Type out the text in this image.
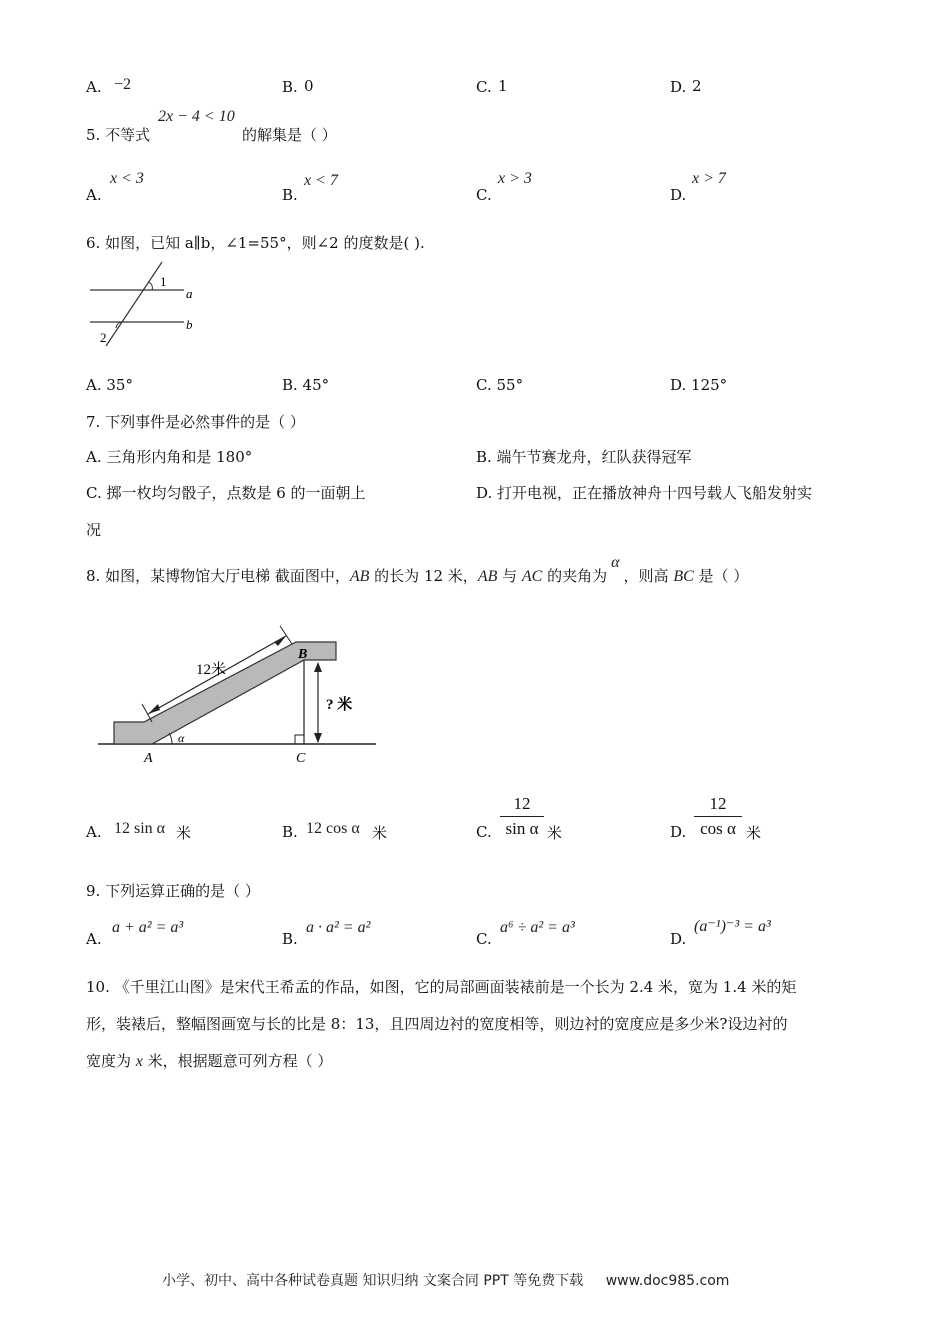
A. −2	B. 0	C. 1	D. 2
5. 不等式
2x − 4 < 10
的解集是（ ）
A.
x < 3
B.
x < 7
C.
x > 3
D.
x > 7
6. 如图，已知 a∥b，∠1=55°，则∠2 的度数是( ).
1
2
a
b
A. 35°	B. 45°	C. 55°	D. 125°
7. 下列事件是必然事件的是（ ）
A. 三角形内角和是 180°	B. 端午节赛龙舟，红队获得冠军
C. 掷一枚均匀骰子，点数是 6 的一面朝上	D. 打开电视，正在播放神舟十四号载人飞船发射实
况
8. 如图，某博物馆大厅电梯 截面图中，AB 的长为 12 米，AB 与 AC 的夹角为α，则高 BC 是（ ）
12米
? 米
A
B
C
α
A. 12 sin α 米	B. 12 cos α 米	C.
12
sin α 米	D.
12
cos α 米
9. 下列运算正确的是（ ）
A.
a + a² = a³
B.
a · a² = a²
C.
a⁶ ÷ a² = a³
D.
(a⁻¹)⁻³ = a³
10. 《千里江山图》是宋代王希孟的作品，如图，它的局部画面装裱前是一个长为 2.4 米，宽为 1.4 米的矩
形，装裱后，整幅图画宽与长的比是 8：13，且四周边衬的宽度相等，则边衬的宽度应是多少米?设边衬的
宽度为 x 米，根据题意可列方程（ ）
小学、初中、高中各种试卷真题 知识归纳 文案合同 PPT 等免费下载 www.doc985.com
